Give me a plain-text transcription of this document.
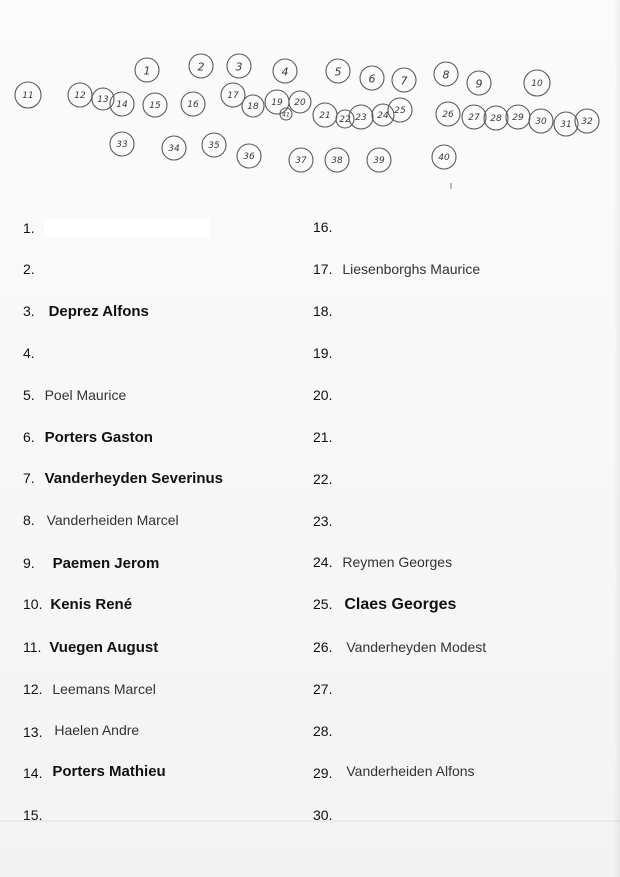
1	2	3	4	5
6 7	8
9	10
11	12 13 14 15	16
17
18 19 20
21 22 23 24 25	26 27 28 29 30 31 32
33	34	35
36	37	38	39	40
41
1.
2.
3. Deprez Alfons
4.
5. Poel Maurice
6. Porters Gaston
7. Vanderheyden Severinus
8. Vanderheiden Marcel
9. Paemen Jerom
10. Kenis René
11. Vuegen August
12. Leemans Marcel
13. Haelen Andre
14. Porters Mathieu
15.
16.
17. Liesenborghs Maurice
18.
19.
20.
21.
22.
23.
24. Reymen Georges
25. Claes Georges
26. Vanderheyden Modest
27.
28.
29. Vanderheiden Alfons
30.
